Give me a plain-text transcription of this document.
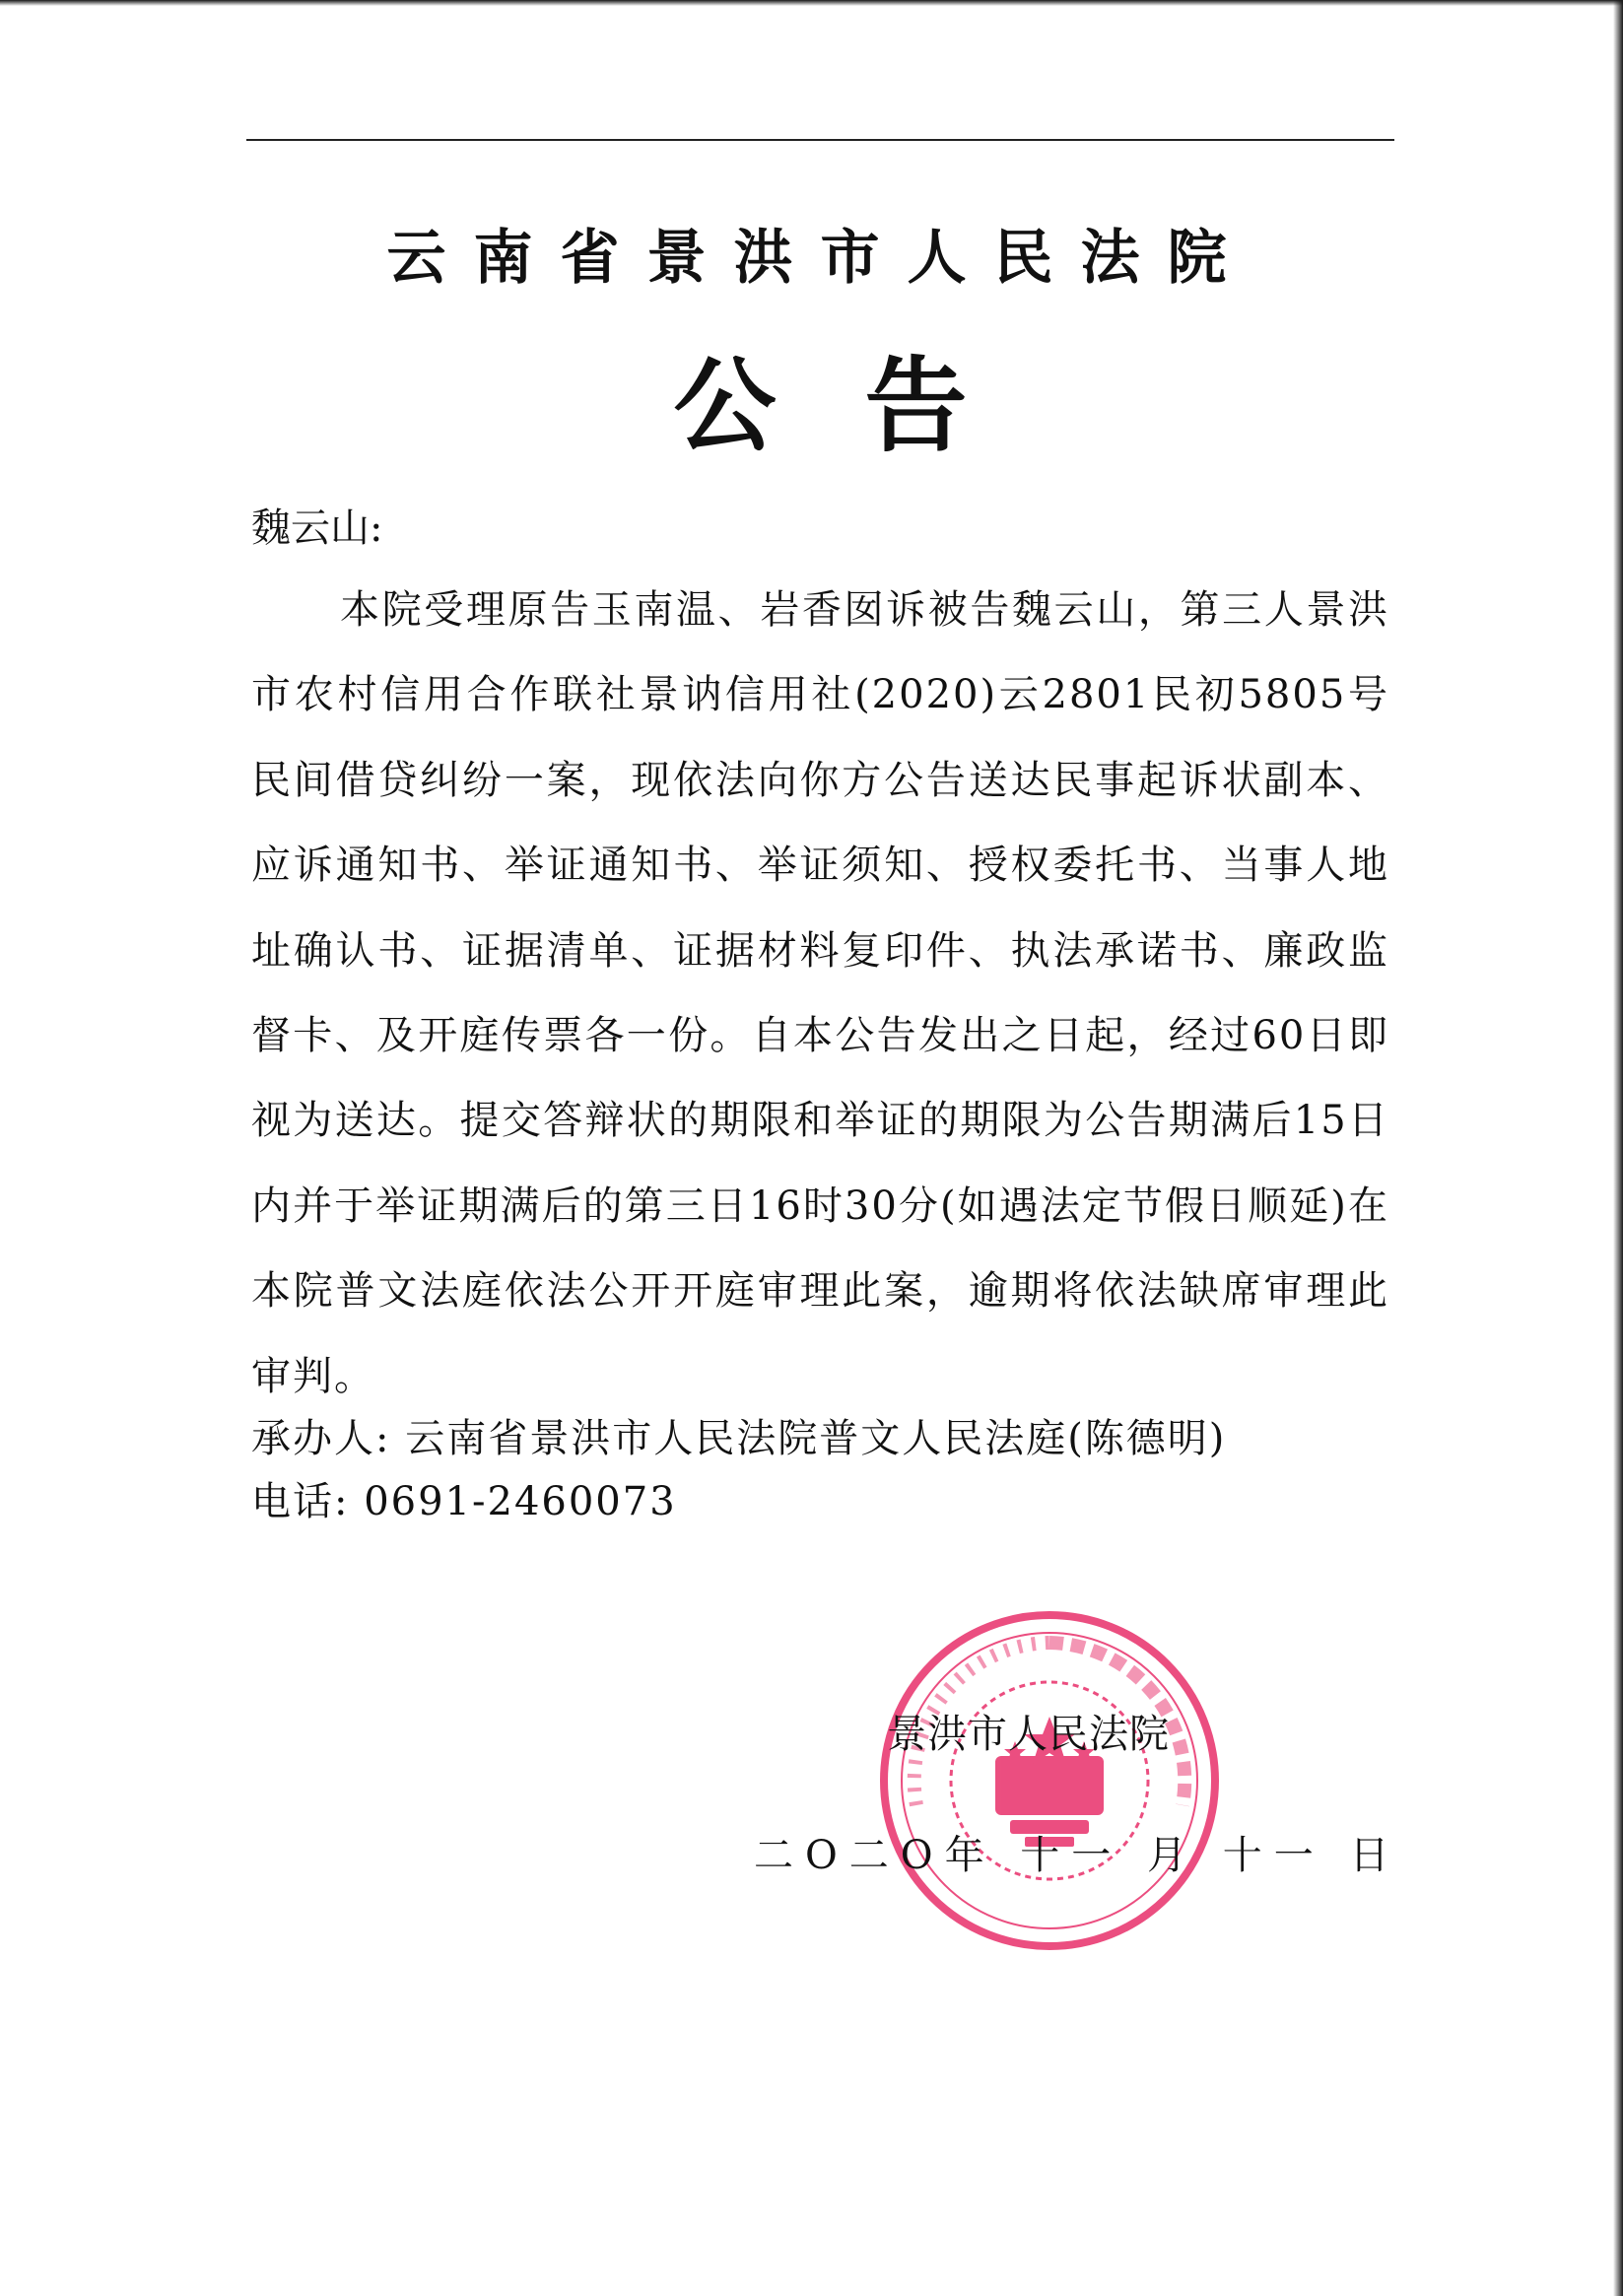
云南省景洪市人民法院
公告
魏云山:
本院受理原告玉南温、岩香囡诉被告魏云山，第三人景洪市农村信用合作联社景讷信用社(2020)云2801民初5805号民间借贷纠纷一案，现依法向你方公告送达民事起诉状副本、应诉通知书、举证通知书、举证须知、授权委托书、当事人地址确认书、证据清单、证据材料复印件、执法承诺书、廉政监督卡、及开庭传票各一份。自本公告发出之日起，经过60日即视为送达。提交答辩状的期限和举证的期限为公告期满后15日内并于举证期满后的第三日16时30分(如遇法定节假日顺延)在本院普文法庭依法公开开庭审理此案，逾期将依法缺席审理此审判。
承办人: 云南省景洪市人民法院普文人民法庭(陈德明)
电话: 0691-2460073
景洪市人民法院
二O二O年 十一 月 十一 日
